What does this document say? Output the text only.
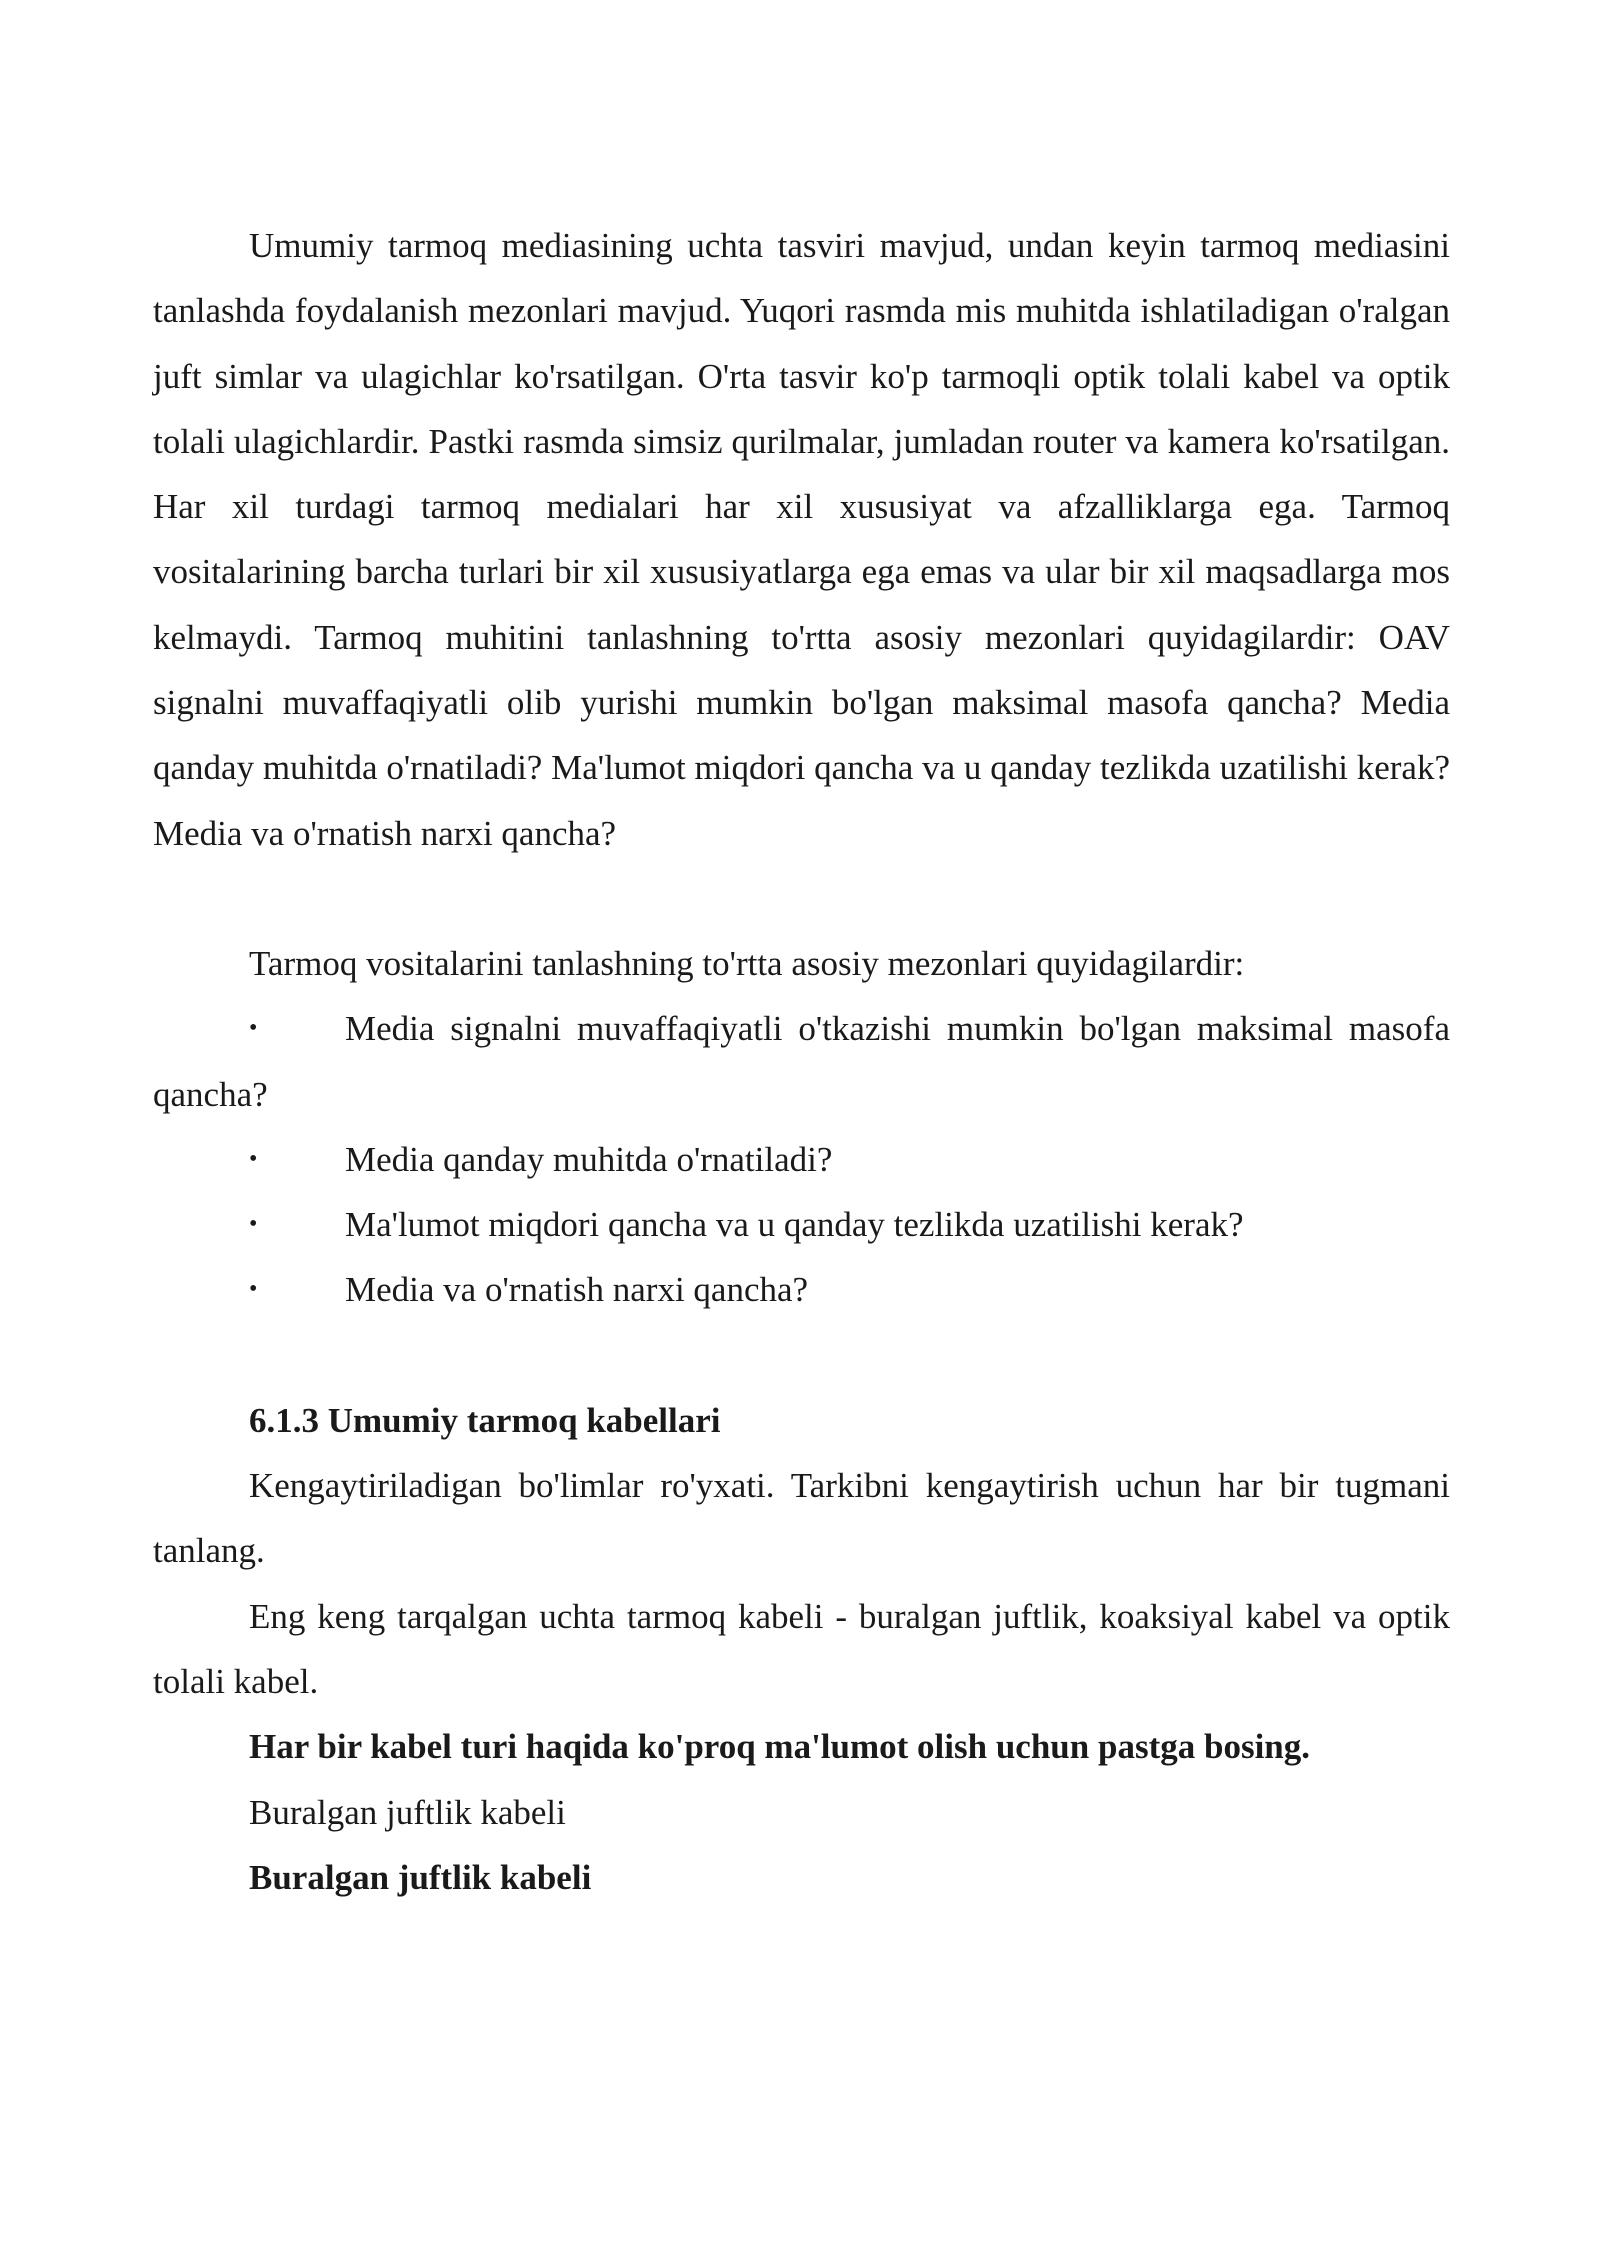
Umumiy tarmoq mediasining uchta tasviri mavjud, undan keyin tarmoq mediasini tanlashda foydalanish mezonlari mavjud. Yuqori rasmda mis muhitda ishlatiladigan o'ralgan juft simlar va ulagichlar ko'rsatilgan. O'rta tasvir ko'p tarmoqli optik tolali kabel va optik tolali ulagichlardir. Pastki rasmda simsiz qurilmalar, jumladan router va kamera ko'rsatilgan. Har xil turdagi tarmoq medialari har xil xususiyat va afzalliklarga ega. Tarmoq vositalarining barcha turlari bir xil xususiyatlarga ega emas va ular bir xil maqsadlarga mos kelmaydi. Tarmoq muhitini tanlashning to'rtta asosiy mezonlari quyidagilardir: OAV signalni muvaffaqiyatli olib yurishi mumkin bo'lgan maksimal masofa qancha? Media qanday muhitda o'rnatiladi? Ma'lumot miqdori qancha va u qanday tezlikda uzatilishi kerak? Media va o'rnatish narxi qancha?

Tarmoq vositalarini tanlashning to'rtta asosiy mezonlari quyidagilardir:

•	Media signalni muvaffaqiyatli o'tkazishi mumkin bo'lgan maksimal masofa qancha?

•	Media qanday muhitda o'rnatiladi?

•	Ma'lumot miqdori qancha va u qanday tezlikda uzatilishi kerak?

•	Media va o'rnatish narxi qancha?

6.1.3 Umumiy tarmoq kabellari

Kengaytiriladigan bo'limlar ro'yxati. Tarkibni kengaytirish uchun har bir tugmani tanlang.

Eng keng tarqalgan uchta tarmoq kabeli - buralgan juftlik, koaksiyal kabel va optik tolali kabel.

Har bir kabel turi haqida ko'proq ma'lumot olish uchun pastga bosing.

Buralgan juftlik kabeli

Buralgan juftlik kabeli
